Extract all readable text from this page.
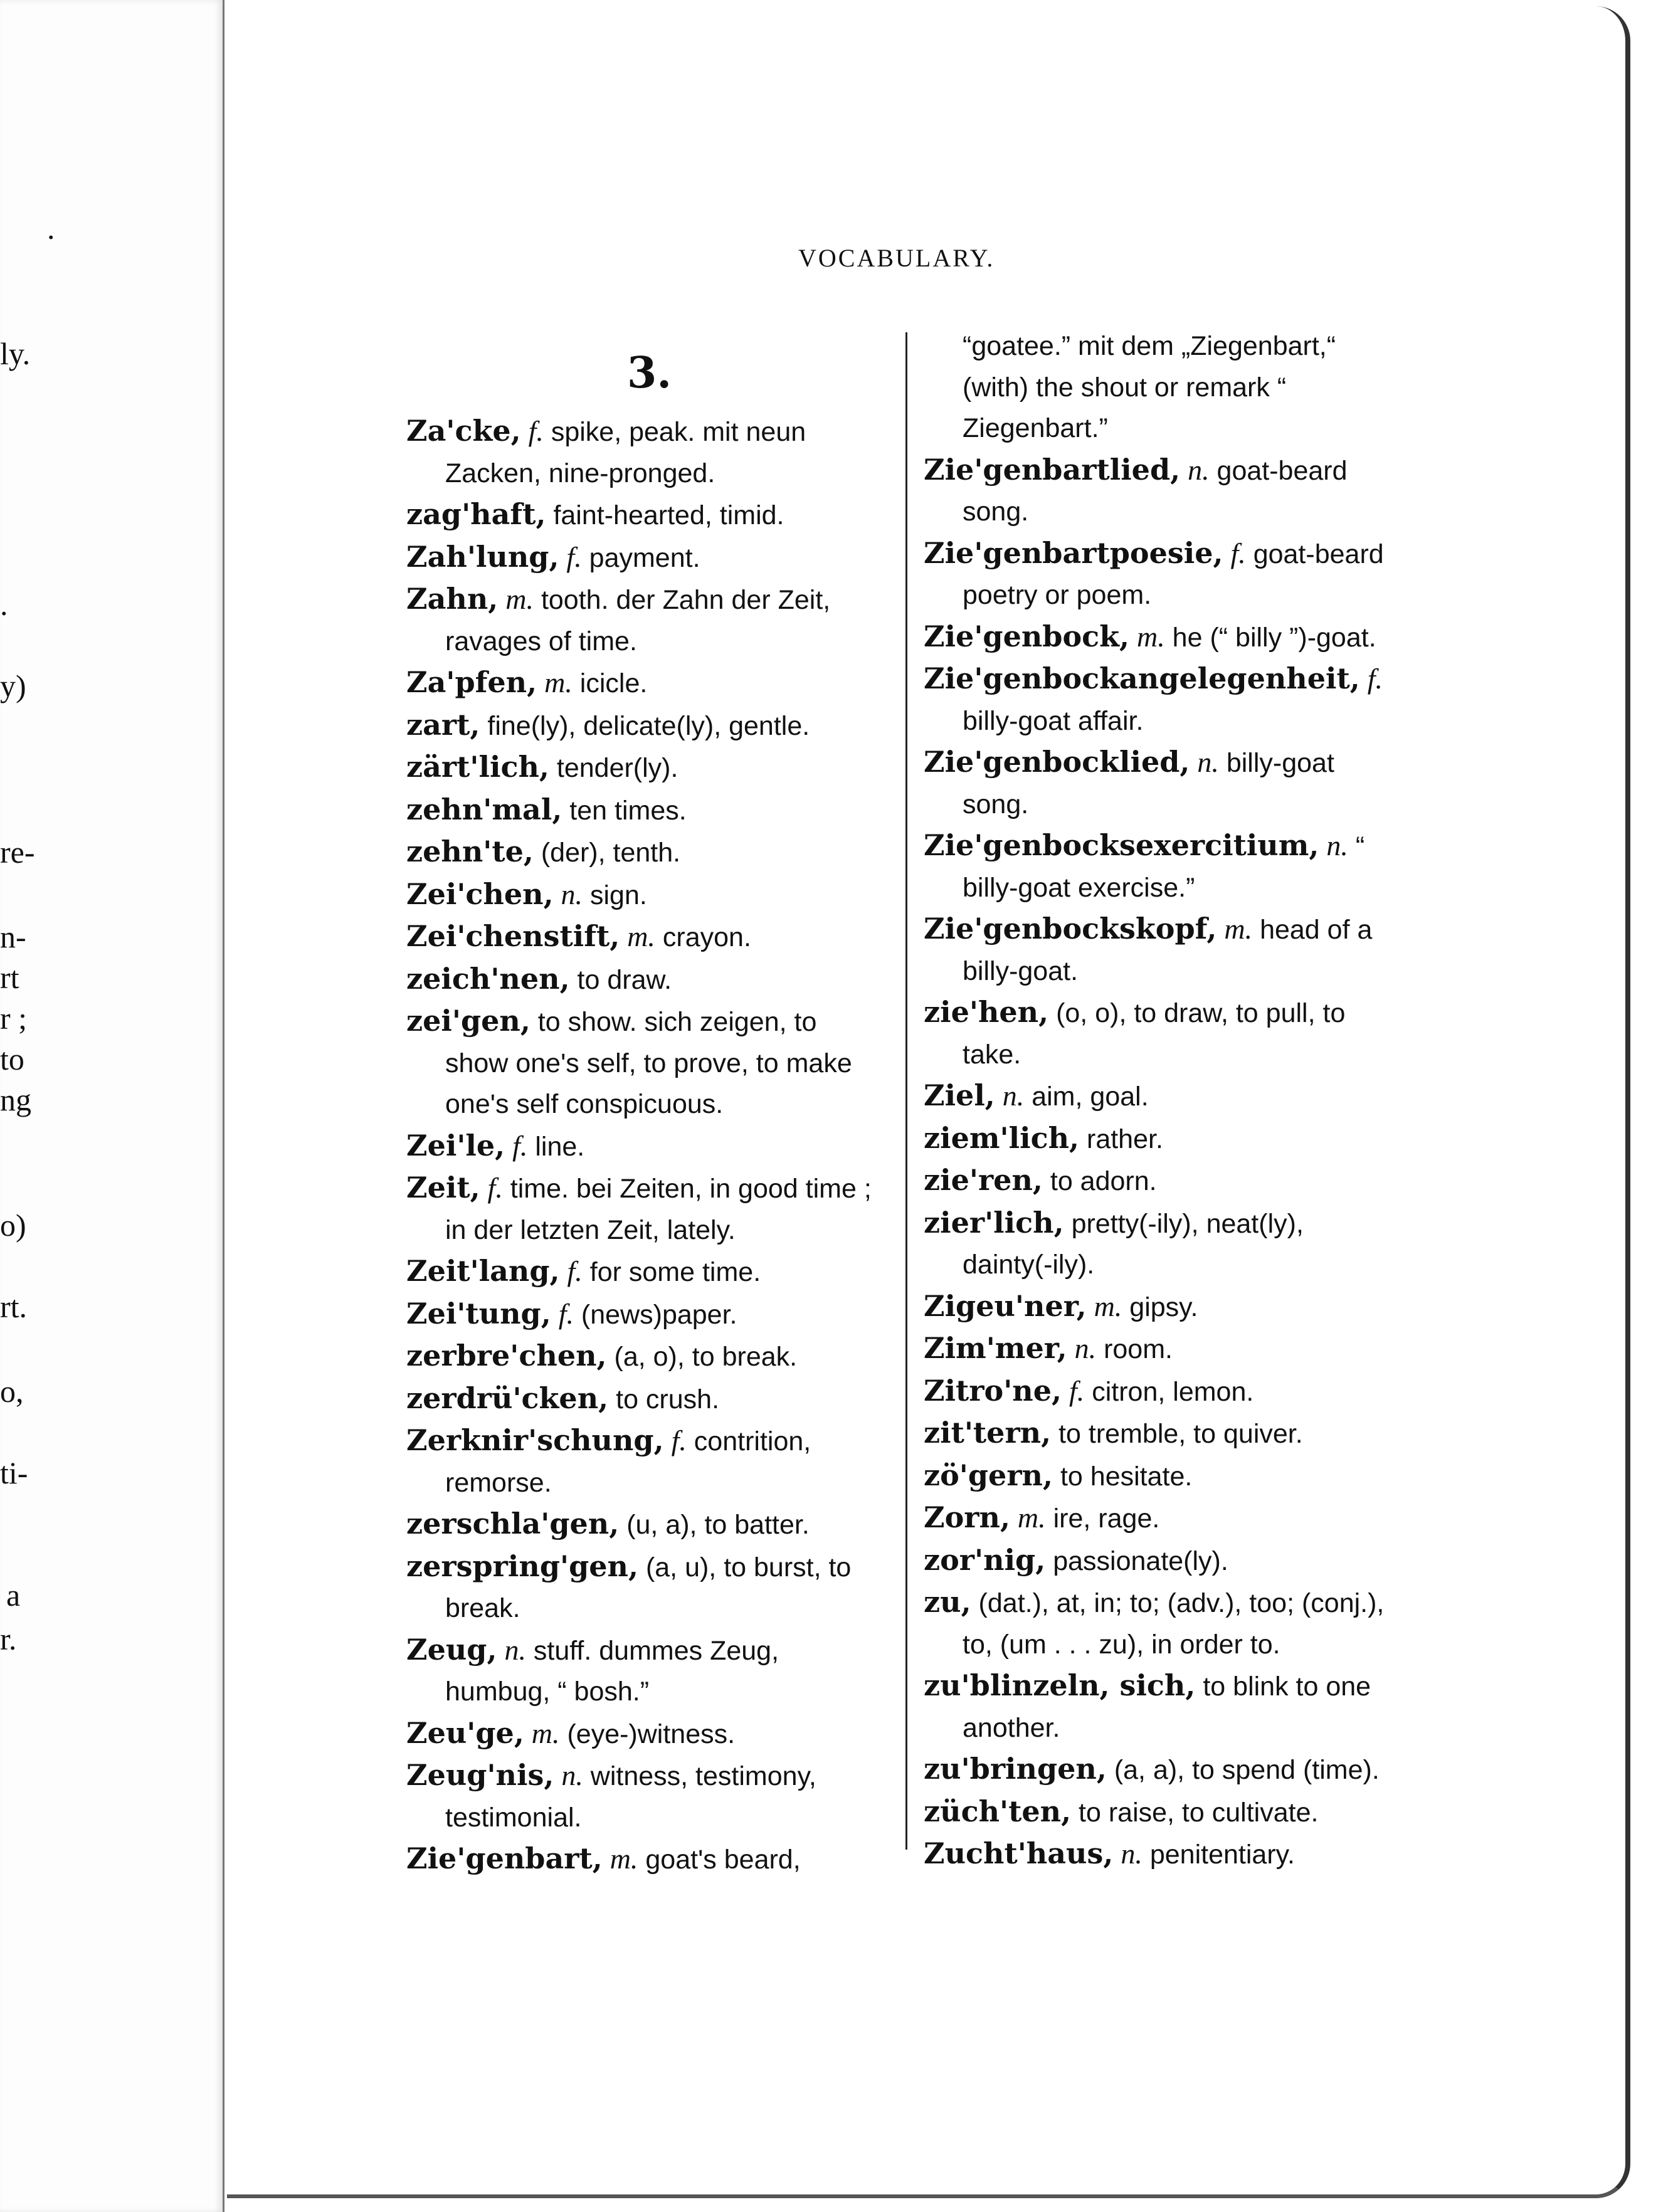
.
ly.
.
y)
re-
n-
rt
r ;
to
ng
o)
rt.
o,
ti-
a
r.
VOCABULARY.
3.
Za'cke , f. spike, peak. mit neun Zacken, nine-pronged.
zag'haft , faint-hearted, timid.
Zah'lung , f. payment.
Zahn , m. tooth. der Zahn der Zeit, ravages of time.
Za'pfen , m. icicle.
zart , fine(ly), delicate(ly), gentle.
zärt'lich , tender(ly).
zehn'mal , ten times.
zehn'te , (der), tenth.
Zei'chen , n. sign.
Zei'chenstift , m. crayon.
zeich'nen , to draw.
zei'gen , to show. sich zeigen, to show one's self, to prove, to make one's self conspicuous.
Zei'le , f. line.
Zeit , f. time. bei Zeiten, in good time ; in der letzten Zeit, lately.
Zeit'lang , f. for some time.
Zei'tung , f. (news)paper.
zerbre'chen , (a, o), to break.
zerdrü'cken , to crush.
Zerknir'schung , f. contrition, remorse.
zerschla'gen , (u, a), to batter.
zerspring'gen , (a, u), to burst, to break.
Zeug , n. stuff. dummes Zeug, humbug, “ bosh.”
Zeu'ge , m. (eye-)witness.
Zeug'nis , n. witness, testimony, testimonial.
Zie'genbart , m. goat's beard,
“goatee.” mit dem „Ziegenbart,“ (with) the shout or remark “ Ziegenbart.”
Zie'genbartlied , n. goat-beard song.
Zie'genbartpoesie , f. goat-beard poetry or poem.
Zie'genbock , m. he (“ billy ”)-goat.
Zie'genbockangelegenheit , f. billy-goat affair.
Zie'genbocklied , n. billy-goat song.
Zie'genbocksexercitium , n. “ billy-goat exercise.”
Zie'genbockskopf , m. head of a billy-goat.
zie'hen , (o, o), to draw, to pull, to take.
Ziel , n. aim, goal.
ziem'lich , rather.
zie'ren , to adorn.
zier'lich , pretty(-ily), neat(ly), dainty(-ily).
Zigeu'ner , m. gipsy.
Zim'mer , n. room.
Zitro'ne , f. citron, lemon.
zit'tern , to tremble, to quiver.
zö'gern , to hesitate.
Zorn , m. ire, rage.
zor'nig , passionate(ly).
zu , (dat.), at, in; to; (adv.), too; (conj.), to, (um . . . zu), in order to.
zu'blinzeln, sich , to blink to one another.
zu'bringen , (a, a), to spend (time).
züch'ten , to raise, to cultivate.
Zucht'haus , n. penitentiary.
